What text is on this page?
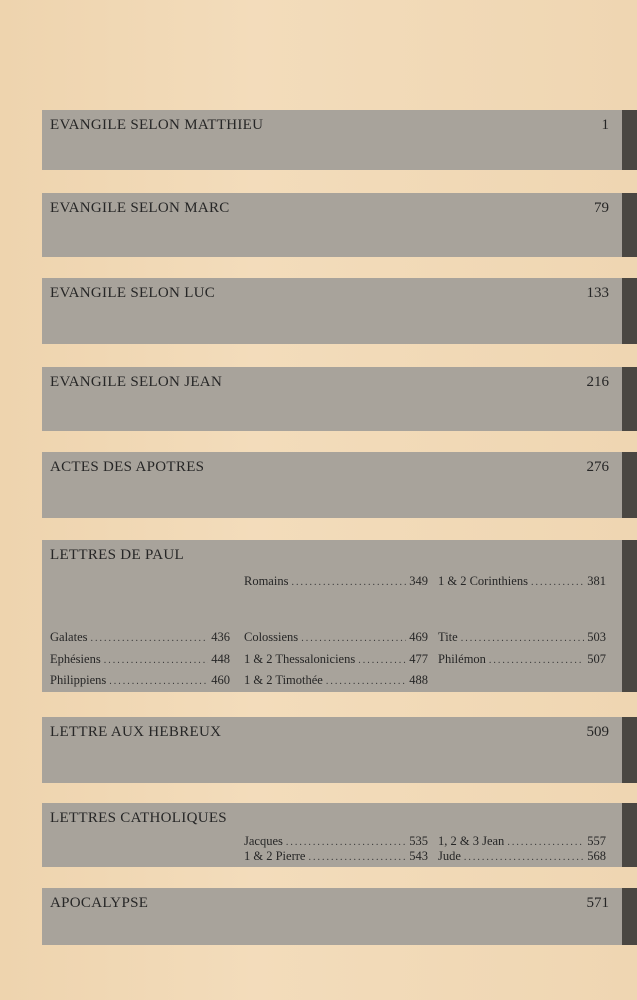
EVANGILE SELON MATTHIEU	1
EVANGILE SELON MARC	79
EVANGILE SELON LUC	133
EVANGILE SELON JEAN	216
ACTES DES APOTRES	276
LETTRES DE PAUL
Romains .....	349 1 & 2 Corinthiens .....	381
Galates .....	436 Colossiens .....	469 Tite .....	503
Ephésiens .....	448 1 & 2 Thessaloniciens .....	477 Philémon .....	507
Philippiens .....	460 1 & 2 Timothée .....	488
LETTRE AUX HEBREUX	509
LETTRES CATHOLIQUES
Jacques .....	535 1, 2 & 3 Jean .....	557
1 & 2 Pierre .....	543 Jude .....	568
APOCALYPSE	571
